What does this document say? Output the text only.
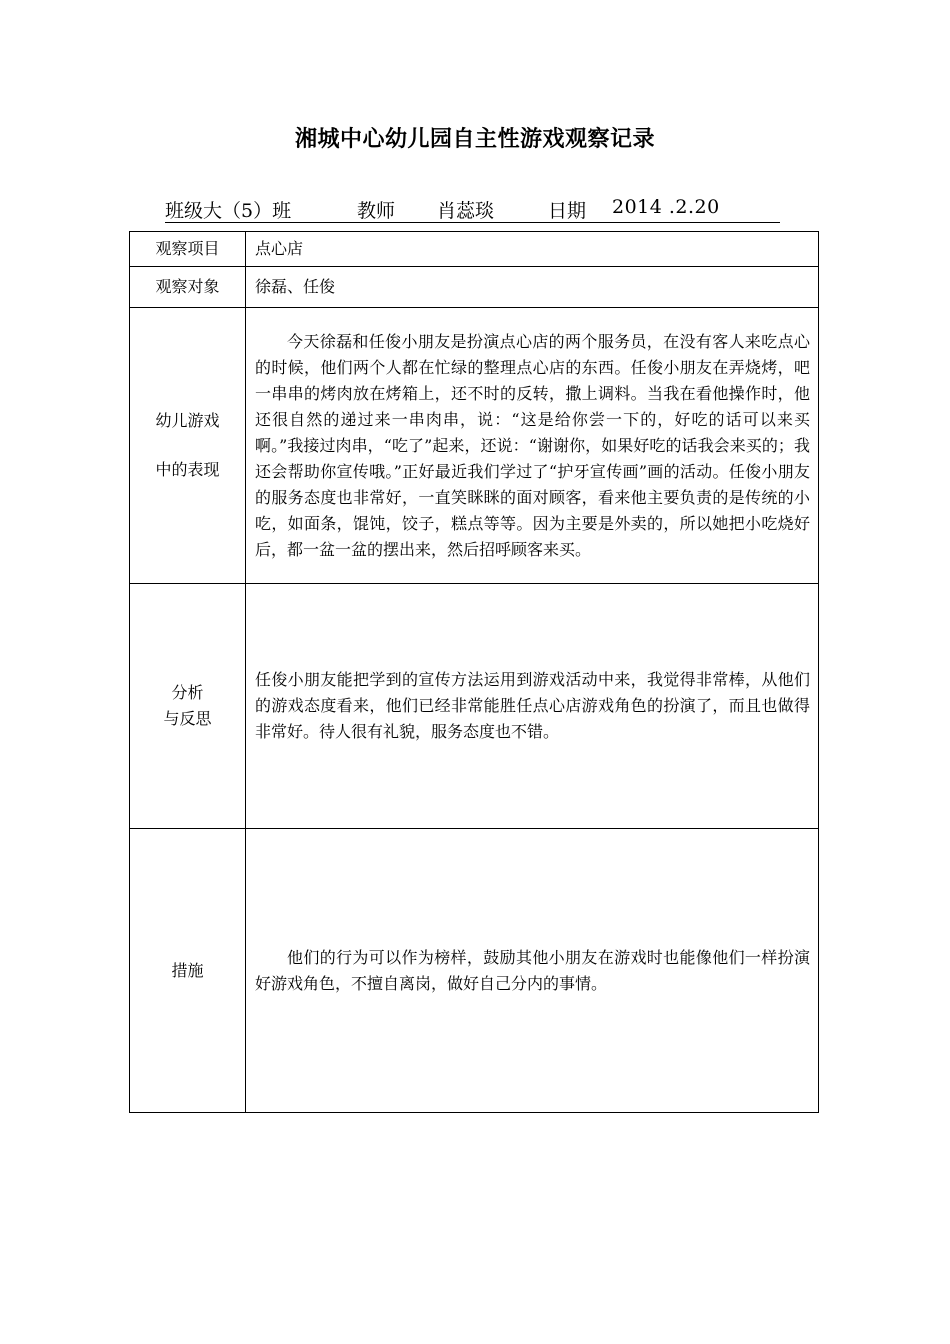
湘城中心幼儿园自主性游戏观察记录
班级大（5）班	教师 肖蕊琰	日期 2014 .2.20
观察项目	点心店
观察对象	徐磊、任俊

幼儿游戏
中的表现	今天徐磊和任俊小朋友是扮演点心店的两个服务员，在没有客人来吃点心的时候，他们两个人都在忙绿的整理点心店的东西。任俊小朋友在弄烧烤，吧一串串的烤肉放在烤箱上，还不时的反转，撒上调料。当我在看他操作时，他还很自然的递过来一串肉串，说：“这是给你尝一下的，好吃的话可以来买啊。”我接过肉串，“吃了”起来，还说：“谢谢你，如果好吃的话我会来买的；我还会帮助你宣传哦。”正好最近我们学过了“护牙宣传画”画的活动。任俊小朋友的服务态度也非常好，一直笑眯眯的面对顾客，看来他主要负责的是传统的小吃，如面条，馄饨，饺子，糕点等等。因为主要是外卖的，所以她把小吃烧好后，都一盆一盆的摆出来，然后招呼顾客来买。

分析
与反思	任俊小朋友能把学到的宣传方法运用到游戏活动中来，我觉得非常棒，从他们的游戏态度看来，他们已经非常能胜任点心店游戏角色的扮演了，而且也做得非常好。待人很有礼貌，服务态度也不错。

措施	他们的行为可以作为榜样，鼓励其他小朋友在游戏时也能像他们一样扮演好游戏角色，不擅自离岗，做好自己分内的事情。
